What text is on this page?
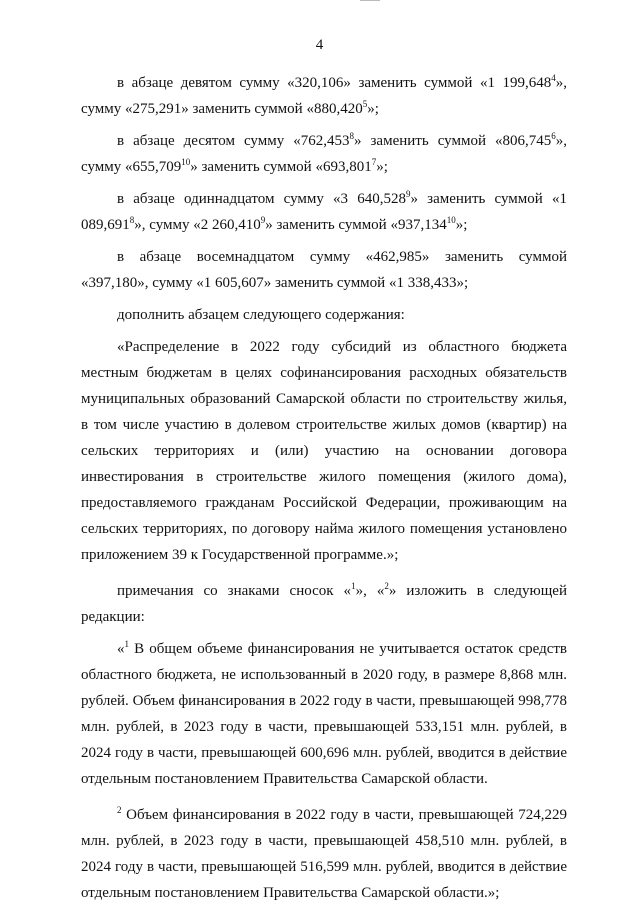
4

в абзаце девятом сумму «320,106» заменить суммой «1 199,648$^4$», сумму «275,291» заменить суммой «880,420$^5$»;

в абзаце десятом сумму «762,453$^8$» заменить суммой «806,745$^6$», сумму «655,709$^{10}$» заменить суммой «693,801$^7$»;

в абзаце одиннадцатом сумму «3 640,528$^9$» заменить суммой «1 089,691$^8$», сумму «2 260,410$^9$» заменить суммой «937,134$^{10}$»;

в абзаце восемнадцатом сумму «462,985» заменить суммой «397,180», сумму «1 605,607» заменить суммой «1 338,433»;

дополнить абзацем следующего содержания:

«Распределение в 2022 году субсидий из областного бюджета местным бюджетам в целях софинансирования расходных обязательств муниципальных образований Самарской области по строительству жилья, в том числе участию в долевом строительстве жилых домов (квартир) на сельских территориях и (или) участию на основании договора инвестирования в строительстве жилого помещения (жилого дома), предоставляемого гражданам Российской Федерации, проживающим на сельских территориях, по договору найма жилого помещения установлено приложением 39 к Государственной программе.»;

примечания со знаками сносок «$^1$», «$^2$» изложить в следующей редакции:

«$^1$ В общем объеме финансирования не учитывается остаток средств областного бюджета, не использованный в 2020 году, в размере 8,868 млн. рублей. Объем финансирования в 2022 году в части, превышающей 998,778 млн. рублей, в 2023 году в части, превышающей 533,151 млн. рублей, в 2024 году в части, превышающей 600,696 млн. рублей, вводится в действие отдельным постановлением Правительства Самарской области.

$^2$ Объем финансирования в 2022 году в части, превышающей 724,229 млн. рублей, в 2023 году в части, превышающей 458,510 млн. рублей, в 2024 году в части, превышающей 516,599 млн. рублей, вводится в действие отдельным постановлением Правительства Самарской области.»;
